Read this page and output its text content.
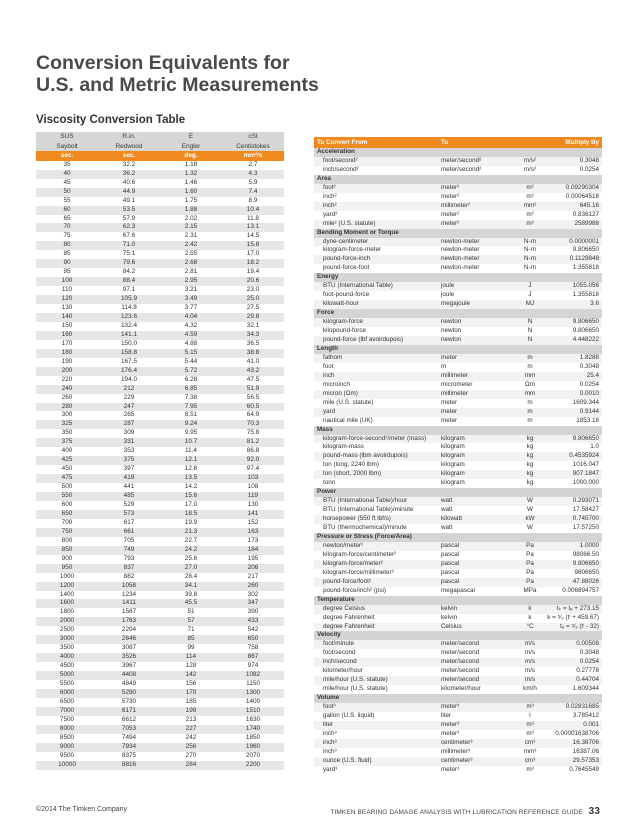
Conversion Equivalents for
U.S. and Metric Measurements
Viscosity Conversion Table
SUS	R.in.	E	cSt
Saybolt	Redwood	Engler	Centistokes
sec.	sec.	deg.	mm²/s
35	32.2	1.18	2.7
40	36.2	1.32	4.3
45	40.6	1.46	5.9
50	44.9	1.60	7.4
55	49.1	1.75	8.9
60	53.5	1.88	10.4
65	57.9	2.02	11.8
70	62.3	2.15	13.1
75	67.6	2.31	14.5
80	71.0	2.42	15.8
85	75.1	2.55	17.0
90	79.6	2.68	18.2
95	84.2	2.81	19.4
100	88.4	2.95	20.6
110	97.1	3.21	23.0
120	105.9	3.49	25.0
130	114.8	3.77	27.5
140	123.6	4.04	29.8
150	132.4	4.32	32.1
160	141.1	4.59	34.3
170	150.0	4.88	36.5
180	158.8	5.15	38.8
190	167.5	5.44	41.0
200	176.4	5.72	43.2
220	194.0	6.28	47.5
240	212	6.85	51.9
260	229	7.38	56.5
280	247	7.95	60.5
300	265	8.51	64.9
325	287	9.24	70.3
350	309	9.95	75.8
375	331	10.7	81.2
400	353	11.4	86.8
425	375	12.1	92.0
450	397	12.8	97.4
475	419	13.5	103
500	441	14.2	108
550	485	15.6	119
600	529	17.0	130
650	573	18.5	141
700	617	19.9	152
750	661	21.3	163
800	705	22.7	173
850	749	24.2	184
900	793	25.6	195
950	837	27.0	206
1000	882	28.4	217
1200	1058	34.1	260
1400	1234	39.8	302
1600	1411	45.5	347
1800	1587	51	390
2000	1763	57	433
2500	2204	71	542
3000	2646	85	650
3500	3087	99	758
4000	3526	114	867
4500	3967	128	974
5000	4408	142	1082
5500	4849	156	1150
6000	5290	170	1300
6500	5730	185	1400
7000	6171	199	1510
7500	6612	213	1630
8000	7053	227	1740
8500	7494	242	1850
9000	7934	256	1960
9500	8375	270	2070
10000	8816	284	2200
To Convert From	To	Multiply By
Acceleration
foot/second²	meter/second²	m/s²	0.3048
inch/second²	meter/second²	m/s²	0.0254
Area
foot²	meter²	m²	0.09290304
inch²	meter²	m²	0.00064516
inch²	millimeter²	mm²	645.16
yard²	meter²	m²	0.836127
mile² (U.S. statute)	meter²	m²	2589988
Bending Moment or Torque
dyne-centimeter	newton-meter	N-m	0.0000001
kilogram-force-meter	newton-meter	N-m	9.806650
pound-force-inch	newton-meter	N-m	0.1129848
pound-force-foot	newton-meter	N-m	1.355818
Energy
BTU (International Table)	joule	J	1055.056
foot-pound-force	joule	J	1.355818
kilowatt-hour	megajoule	MJ	3.6
Force
kilogram-force	newton	N	9.806650
kilopound-force	newton	N	9.806650
pound-force (lbf avoirdupois)	newton	N	4.448222
Length
fathom	meter	m	1.8288
foot	m	m	0.3048
inch	millimeter	mm	25.4
microinch	micrometer	Ωm	0.0254
micron (Ωm)	millimeter	mm	0.0010
mile (U.S. statute)	meter	m	1609.344
yard	meter	m	0.9144
nautical mile (UK)	meter	m	1853.18
Mass
kilogram-force-second²/meter (mass)	kilogram	kg	9.806650
kilogram-mass	kilogram	kg	1.0
pound-mass (lbm avoirdupois)	kilogram	kg	0.4535924
ton (long, 2240 lbm)	kilogram	kg	1016.047
ton (short, 2000 lbm)	kilogram	kg	907.1847
tonn	kilogram	kg	1000.000
Power
BTU (International Table)/hour	watt	W	0.293071
BTU (International Table)/minute	watt	W	17.58427
horsepower (550 ft lbf/s)	kilowatt	kW	0.745700
BTU (thermochemical)/minute	watt	W	17.57250
Pressure or Stress (Force/Area)
newton/meter²	pascal	Pa	1.0000
kilogram-force/centimeter²	pascal	Pa	98066.50
kilogram-force/meter²	pascal	Pa	9.806650
kilogram-force/millimeter²	pascal	Pa	9806650
pound-force/foot²	pascal	Pa	47.88026
pound-force/inch² (psi)	megapascal	MPa	0.006894757
Temperature
degree Celsius	kelvin	k	tₖ = tₑ + 273.15
degree Fahrenheit	kelvin	k	k = ⁵⁄₉ (tⁱ + 459.67)
degree Fahrenheit	Celsius	°C	tₑ = ⁵⁄₉ (tⁱ - 32)
Velocity
foot/minute	meter/second	m/s	0.00508
foot/second	meter/second	m/s	0.3048
inch/second	meter/second	m/s	0.0254
kilometer/hour	meter/second	m/s	0.27778
mile/hour (U.S. statute)	meter/second	m/s	0.44704
mile/hour (U.S. statute)	kilometer/hour	km/h	1.609344
Volume
foot³	meter³	m³	0.02831685
gallon (U.S. liquid)	liter	l	3.785412
liter	meter³	m³	0.001
inch³	meter³	m³	0.00001638706
inch³	centimeter³	cm³	16.38706
inch³	millimeter³	mm³	16387.06
ounce (U.S. fluid)	centimeter³	cm³	29.57353
yard³	meter³	m³	0.7645549
©2014 The Timken Company	TIMKEN BEARING DAMAGE ANALYSIS WITH LUBRICATION REFERENCE GUIDE 33
